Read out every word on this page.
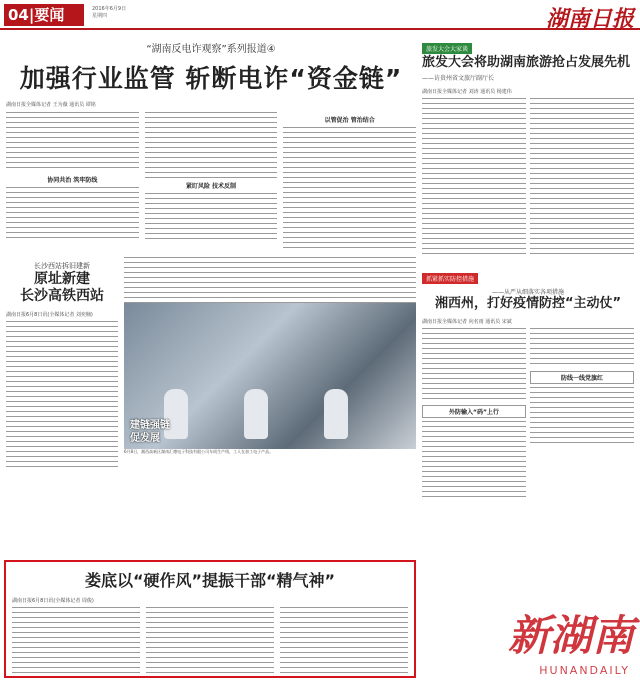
04|要闻	2016年6月9日
星期四	湖南日报
“湖南反电诈观察”系列报道④
加强行业监管 斩断电诈“资金链”
湖南日报全媒体记者 王为薇 通讯员 谭铭
协同共治 筑牢防线
紧盯风险 技术反制
以管促治 管治结合
长沙西站拆旧建新
原址新建
长沙高铁西站
湖南日报6月8日讯(全媒体记者 刘奕楠)
建链强链
促发展
6月8日，湘西高新区湖南汇德电子科技有限公司车间生产线，工人在加工电子产品。
娄底以“硬作风”提振干部“精气神”
湖南日报6月8日讯(全媒体记者 周俊)
旅发大会大家谈
旅发大会将助湖南旅游抢占发展先机
——访贵州省文旅厅副厅长
湖南日报全媒体记者 刘涛 通讯员 杨建伟
抓紧抓实防控措施
——从严从细落实各项措施
湘西州，打好疫情防控“主动仗”
湖南日报全媒体记者 向名雨 通讯员 宋斌
外防输入“码”上行
防线一线党旗红
新湖南
HUNANDAILY
